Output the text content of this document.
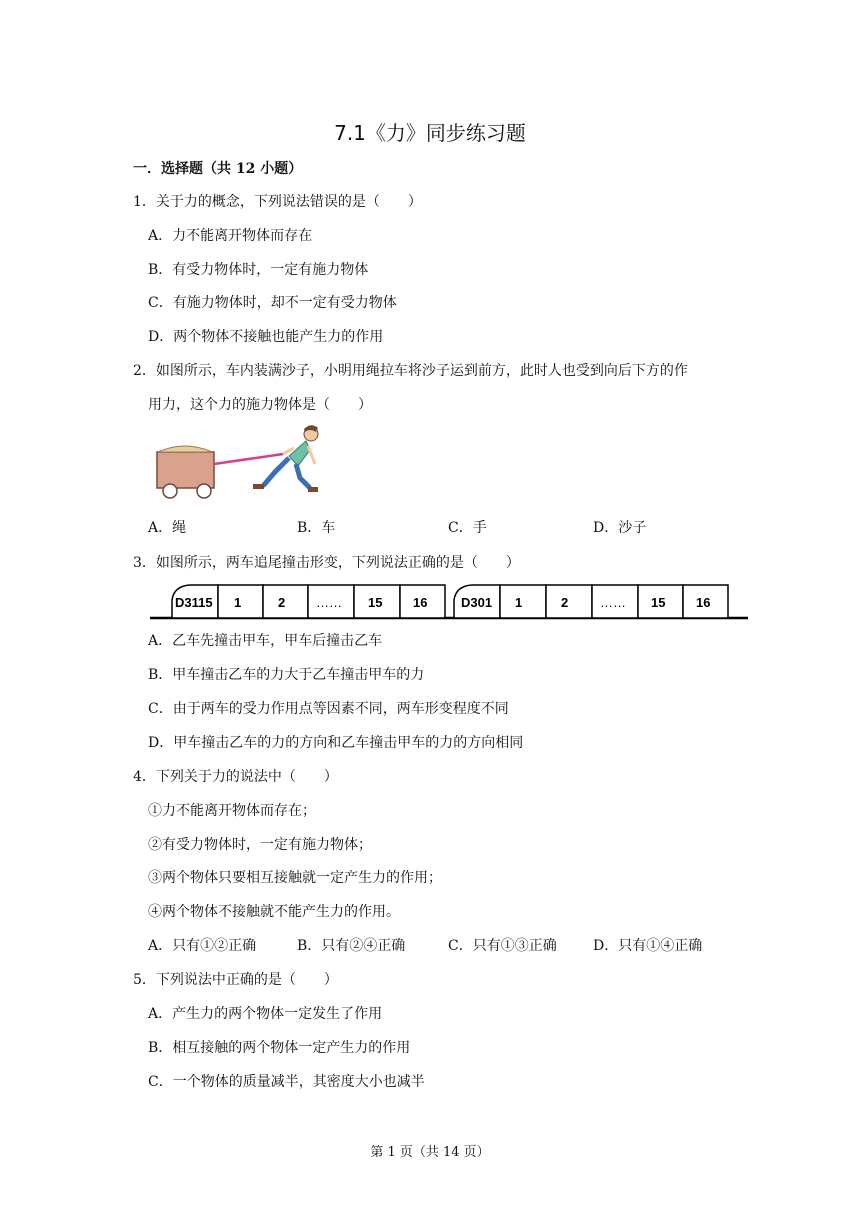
7.1《力》同步练习题
一．选择题（共 12 小题）
1．关于力的概念，下列说法错误的是（　　）
A．力不能离开物体而存在
B．有受力物体时，一定有施力物体
C．有施力物体时，却不一定有受力物体
D．两个物体不接触也能产生力的作用
2．如图所示，车内装满沙子，小明用绳拉车将沙子运到前方，此时人也受到向后下方的作
用力，这个力的施力物体是（　　）
A．绳	B．车	C．手	D．沙子
3．如图所示，两车追尾撞击形变，下列说法正确的是（　　）
D3115 1	2 …… 15 16	D301 1	2 …… 15 16
A．乙车先撞击甲车，甲车后撞击乙车
B．甲车撞击乙车的力大于乙车撞击甲车的力
C．由于两车的受力作用点等因素不同，两车形变程度不同
D．甲车撞击乙车的力的方向和乙车撞击甲车的力的方向相同
4．下列关于力的说法中（　　）
①力不能离开物体而存在；
②有受力物体时，一定有施力物体；
③两个物体只要相互接触就一定产生力的作用；
④两个物体不接触就不能产生力的作用。
A．只有①②正确	B．只有②④正确	C．只有①③正确	D．只有①④正确
5．下列说法中正确的是（　　）
A．产生力的两个物体一定发生了作用
B．相互接触的两个物体一定产生力的作用
C．一个物体的质量减半，其密度大小也减半
第 1 页（共 14 页）
